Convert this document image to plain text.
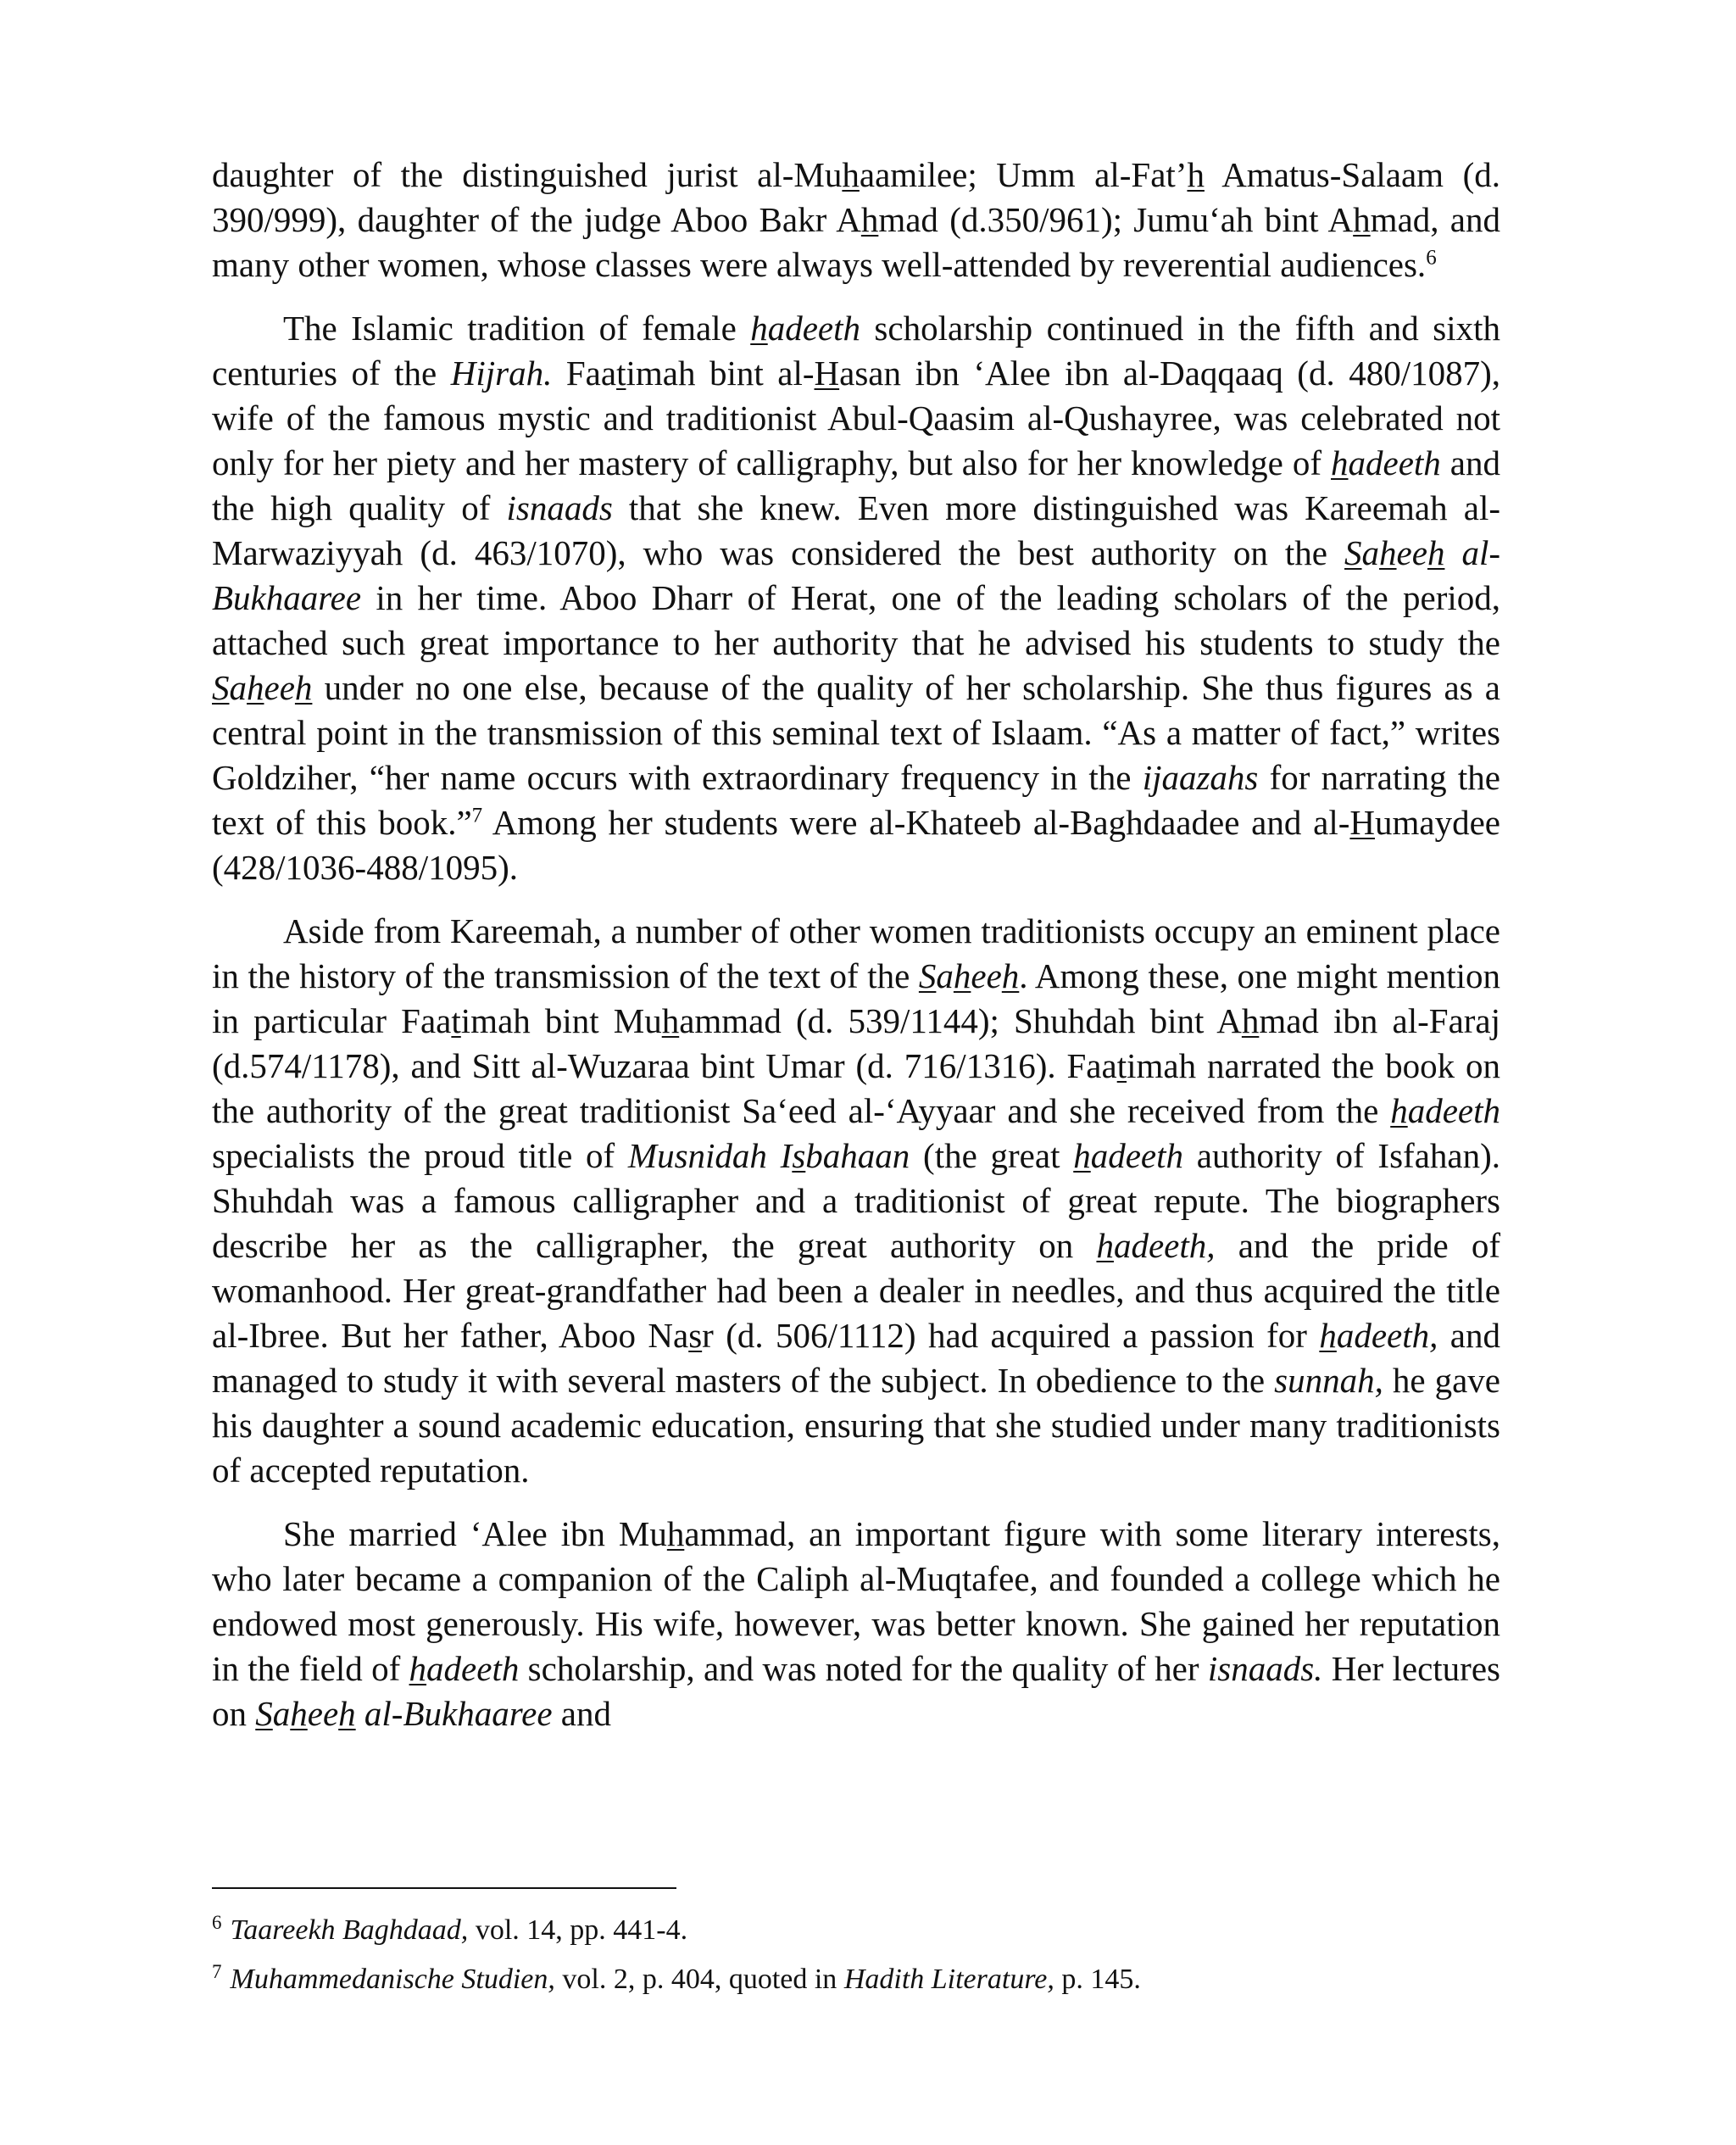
daughter of the distinguished jurist al-Muhaamilee; Umm al-Fat’h Amatus-Salaam (d. 390/999), daughter of the judge Aboo Bakr Ahmad (d.350/961); Jumu‘ah bint Ahmad, and many other women, whose classes were always well-attended by reverential audiences.$^6$

The Islamic tradition of female hadeeth scholarship continued in the fifth and sixth centuries of the Hijrah. Faatimah bint al-Hasan ibn ‘Alee ibn al-Daqqaaq (d. 480/1087), wife of the famous mystic and traditionist Abul-Qaasim al-Qushayree, was celebrated not only for her piety and her mastery of calligraphy, but also for her knowledge of hadeeth and the high quality of isnaads that she knew. Even more distinguished was Kareemah al-Marwaziyyah (d. 463/1070), who was considered the best authority on the Saheeh al-Bukhaaree in her time. Aboo Dharr of Herat, one of the leading scholars of the period, attached such great importance to her authority that he advised his students to study the Saheeh under no one else, because of the quality of her scholarship. She thus figures as a central point in the transmission of this seminal text of Islaam. “As a matter of fact,” writes Goldziher, “her name occurs with extraordinary frequency in the ijaazahs for narrating the text of this book.”$^7$ Among her students were al-Khateeb al-Baghdaadee and al-Humaydee (428/1036-488/1095).

Aside from Kareemah, a number of other women traditionists occupy an eminent place in the history of the transmission of the text of the Saheeh. Among these, one might mention in particular Faatimah bint Muhammad (d. 539/1144); Shuhdah bint Ahmad ibn al-Faraj (d.574/1178), and Sitt al-Wuzaraa bint Umar (d. 716/1316). Faatimah narrated the book on the authority of the great traditionist Sa‘eed al-‘Ayyaar and she received from the hadeeth specialists the proud title of Musnidah Isbahaan (the great hadeeth authority of Isfahan). Shuhdah was a famous calligrapher and a traditionist of great repute. The biographers describe her as the calligrapher, the great authority on hadeeth, and the pride of womanhood. Her great-grandfather had been a dealer in needles, and thus acquired the title al-Ibree. But her father, Aboo Nasr (d. 506/1112) had acquired a passion for hadeeth, and managed to study it with several masters of the subject. In obedience to the sunnah, he gave his daughter a sound academic education, ensuring that she studied under many traditionists of accepted reputation.

She married ‘Alee ibn Muhammad, an important figure with some literary interests, who later became a companion of the Caliph al-Muqtafee, and founded a college which he endowed most generously. His wife, however, was better known. She gained her reputation in the field of hadeeth scholarship, and was noted for the quality of her isnaads. Her lectures on Saheeh al-Bukhaaree and

$^6$ Taareekh Baghdaad, vol. 14, pp. 441-4.

$^7$ Muhammedanische Studien, vol. 2, p. 404, quoted in Hadith Literature, p. 145.
